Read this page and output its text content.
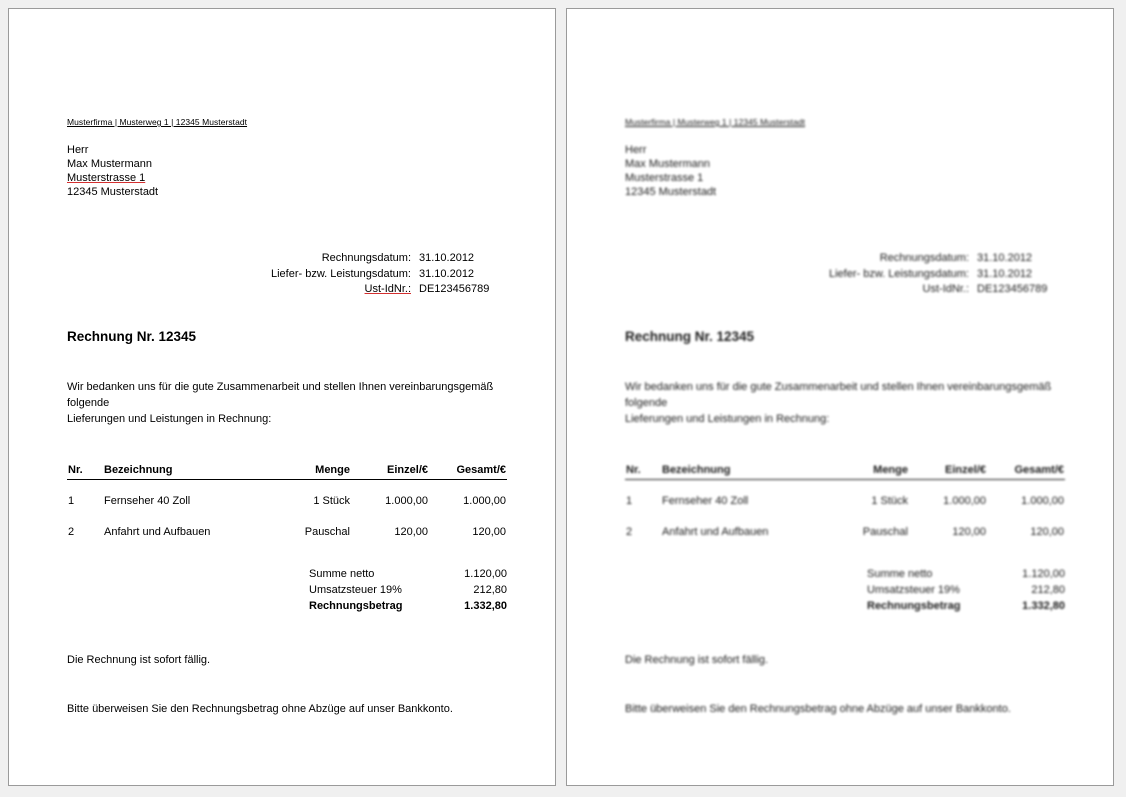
Musterfirma | Musterweg 1 | 12345 Musterstadt
Herr
Max Mustermann
Musterstrasse 1
12345 Musterstadt
Rechnungsdatum: 31.10.2012
Liefer- bzw. Leistungsdatum: 31.10.2012
Ust-IdNr.: DE123456789
Rechnung Nr. 12345
Wir bedanken uns für die gute Zusammenarbeit und stellen Ihnen vereinbarungsgemäß folgende
Lieferungen und Leistungen in Rechnung:
Nr.	Bezeichnung	Menge	Einzel/€	Gesamt/€
1	Fernseher 40 Zoll	1 Stück	1.000,00	1.000,00
2	Anfahrt und Aufbauen	Pauschal	120,00	120,00
Summe netto	1.120,00
Umsatzsteuer 19%	212,80
Rechnungsbetrag	1.332,80
Die Rechnung ist sofort fällig.
Bitte überweisen Sie den Rechnungsbetrag ohne Abzüge auf unser Bankkonto.
Musterfirma | Musterweg 1 | 12345 Musterstadt
Herr
Max Mustermann
Musterstrasse 1
12345 Musterstadt
Rechnungsdatum: 31.10.2012
Liefer- bzw. Leistungsdatum: 31.10.2012
Ust-IdNr.: DE123456789
Rechnung Nr. 12345
Wir bedanken uns für die gute Zusammenarbeit und stellen Ihnen vereinbarungsgemäß folgende
Lieferungen und Leistungen in Rechnung:
Nr.	Bezeichnung	Menge	Einzel/€	Gesamt/€
1	Fernseher 40 Zoll	1 Stück	1.000,00	1.000,00
2	Anfahrt und Aufbauen	Pauschal	120,00	120,00
Summe netto	1.120,00
Umsatzsteuer 19%	212,80
Rechnungsbetrag	1.332,80
Die Rechnung ist sofort fällig.
Bitte überweisen Sie den Rechnungsbetrag ohne Abzüge auf unser Bankkonto.
